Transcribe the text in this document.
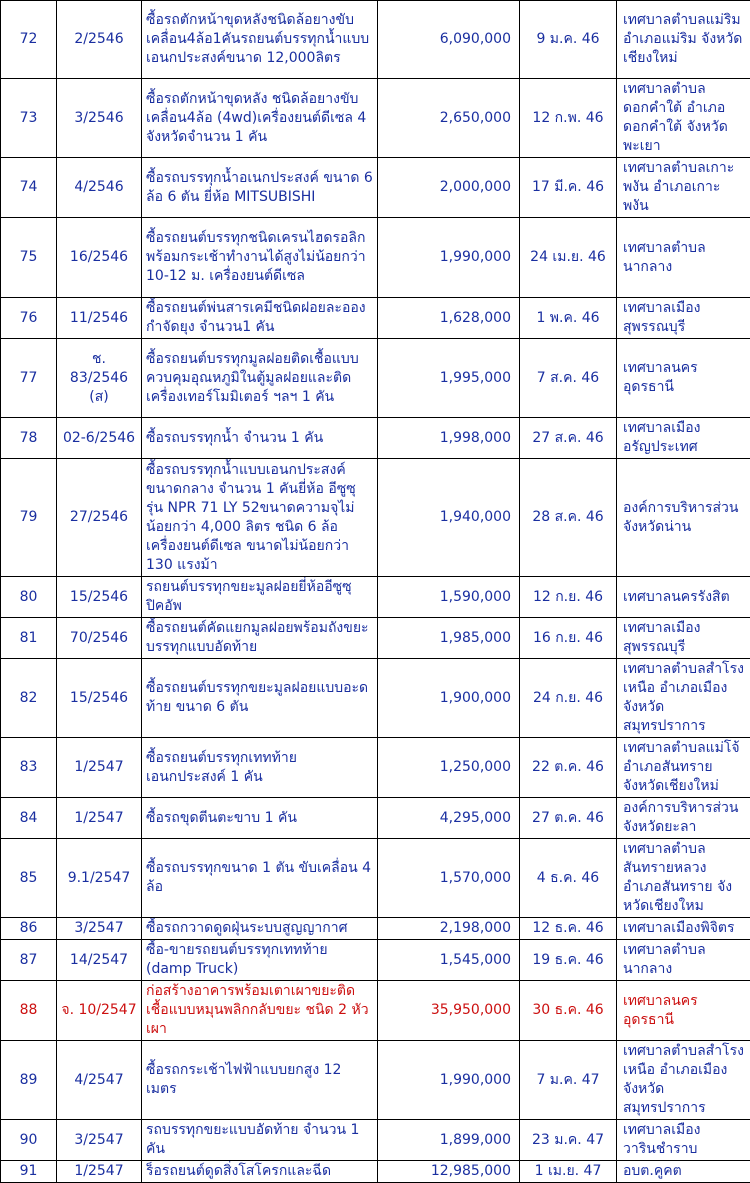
72	2/2546	ซื้อรถตักหน้าขุดหลังชนิดล้อยางขับเคลื่อน4ล้อ1คันรถยนต์บรรทุกน้ำแบบเอนกประสงค์ขนาด 12,000ลิตร	6,090,000	9 ม.ค. 46	เทศบาลตำบลแม่ริม อำเภอแม่ริม จังหวัดเชียงใหม่
73	3/2546	ซื้อรถตักหน้าขุดหลัง ชนิดล้อยางขับเคลื่อน4ล้อ (4wd)เครื่องยนต์ดีเซล 4 จังหวัดจำนวน 1 คัน	2,650,000	12 ก.พ. 46	เทศบาลตำบลดอกคำใต้ อำเภอดอกคำใต้ จังหวัดพะเยา
74	4/2546	ซื้อรถบรรทุกน้ำอเนกประสงค์ ขนาด 6 ล้อ 6 ตัน ยี่ห้อ MITSUBISHI	2,000,000	17 มี.ค. 46	เทศบาลตำบลเกาะพงัน อำเภอเกาะพงัน
75	16/2546	ซื้อรถยนต์บรรทุกชนิดเครนไฮดรอลิก พร้อมกระเช้าทำงานได้สูงไม่น้อยกว่า 10-12 ม. เครื่องยนต์ดีเซล	1,990,000	24 เม.ย. 46	เทศบาลตำบลนากลาง
76	11/2546	ซื้อรถยนต์พ่นสารเคมีชนิดฝอยละอองกำจัดยุง จำนวน1 คัน	1,628,000	1 พ.ค. 46	เทศบาลเมืองสุพรรณบุรี
77	ช. 83/2546 (ส)	ซื้อรถยนต์บรรทุกมูลฝอยติดเชื้อแบบควบคุมอุณหภูมิในตู้มูลฝอยและติดเครื่องเทอร์โมมิเตอร์ ฯลฯ 1 คัน	1,995,000	7 ส.ค. 46	เทศบาลนครอุดรธานี
78	02-6/2546	ซื้อรถบรรทุกน้ำ จำนวน 1 คัน	1,998,000	27 ส.ค. 46	เทศบาลเมืองอรัญประเทศ
79	27/2546	ซื้อรถบรรทุกน้ำแบบเอนกประสงค์ขนาดกลาง จำนวน 1 คันยี่ห้อ อีซูซุ รุ่น NPR 71 LY 52ขนาดความจุไม่น้อยกว่า 4,000 ลิตร ชนิด 6 ล้อเครื่องยนต์ดีเซล ขนาดไม่น้อยกว่า 130 แรงม้า	1,940,000	28 ส.ค. 46	องค์การบริหารส่วนจังหวัดน่าน
80	15/2546	รถยนต์บรรทุกขยะมูลฝอยยี่ห้ออีซูซุ ปิคอัพ	1,590,000	12 ก.ย. 46	เทศบาลนครรังสิต
81	70/2546	ซื้อรถยนต์คัดแยกมูลฝอยพร้อมถังขยะบรรทุกแบบอัดท้าย	1,985,000	16 ก.ย. 46	เทศบาลเมืองสุพรรณบุรี
82	15/2546	ซื้อรถยนต์บรรทุกขยะมูลฝอยแบบอะดท้าย ขนาด 6 ตัน	1,900,000	24 ก.ย. 46	เทศบาลตำบลสำโรงเหนือ อำเภอเมืองจังหวัดสมุทรปราการ
83	1/2547	ซื้อรถยนต์บรรทุกเททท้ายเอนกประสงค์ 1 คัน	1,250,000	22 ต.ค. 46	เทศบาลตำบลแม่โจ้ อำเภอสันทราย จังหวัดเชียงใหม่
84	1/2547	ซื้อรถขุดตีนตะขาบ 1 คัน	4,295,000	27 ต.ค. 46	องค์การบริหารส่วนจังหวัดยะลา
85	9.1/2547	ซื้อรถบรรทุกขนาด 1 ตัน ขับเคลื่อน 4 ล้อ	1,570,000	4 ธ.ค. 46	เทศบาลตำบลสันทรายหลวง อำเภอสันทราย จังหวัดเชียงใหม
86	3/2547	ซื้อรถกวาดดูดฝุ่นระบบสูญญากาศ	2,198,000	12 ธ.ค. 46	เทศบาลเมืองพิจิตร
87	14/2547	ซื้อ-ขายรถยนต์บรรทุกเททท้าย (damp Truck)	1,545,000	19 ธ.ค. 46	เทศบาลตำบลนากลาง
88	จ. 10/2547	ก่อสร้างอาคารพร้อมเตาเผาขยะติดเชื้อแบบหมุนพลิกกลับขยะ ชนิด 2 หัวเผา	35,950,000	30 ธ.ค. 46	เทศบาลนครอุดรธานี
89	4/2547	ซื้อรถกระเช้าไฟฟ้าแบบยกสูง 12 เมตร	1,990,000	7 ม.ค. 47	เทศบาลตำบลสำโรงเหนือ อำเภอเมืองจังหวัดสมุทรปราการ
90	3/2547	รถบรรทุกขยะแบบอัดท้าย จำนวน 1 คัน	1,899,000	23 ม.ค. 47	เทศบาลเมืองวารินชำราบ
91	1/2547	ร็อรถยนต์ดูดสิ่งโสโครกและฉีด	12,985,000	1 เม.ย. 47	อบต.คูคต
